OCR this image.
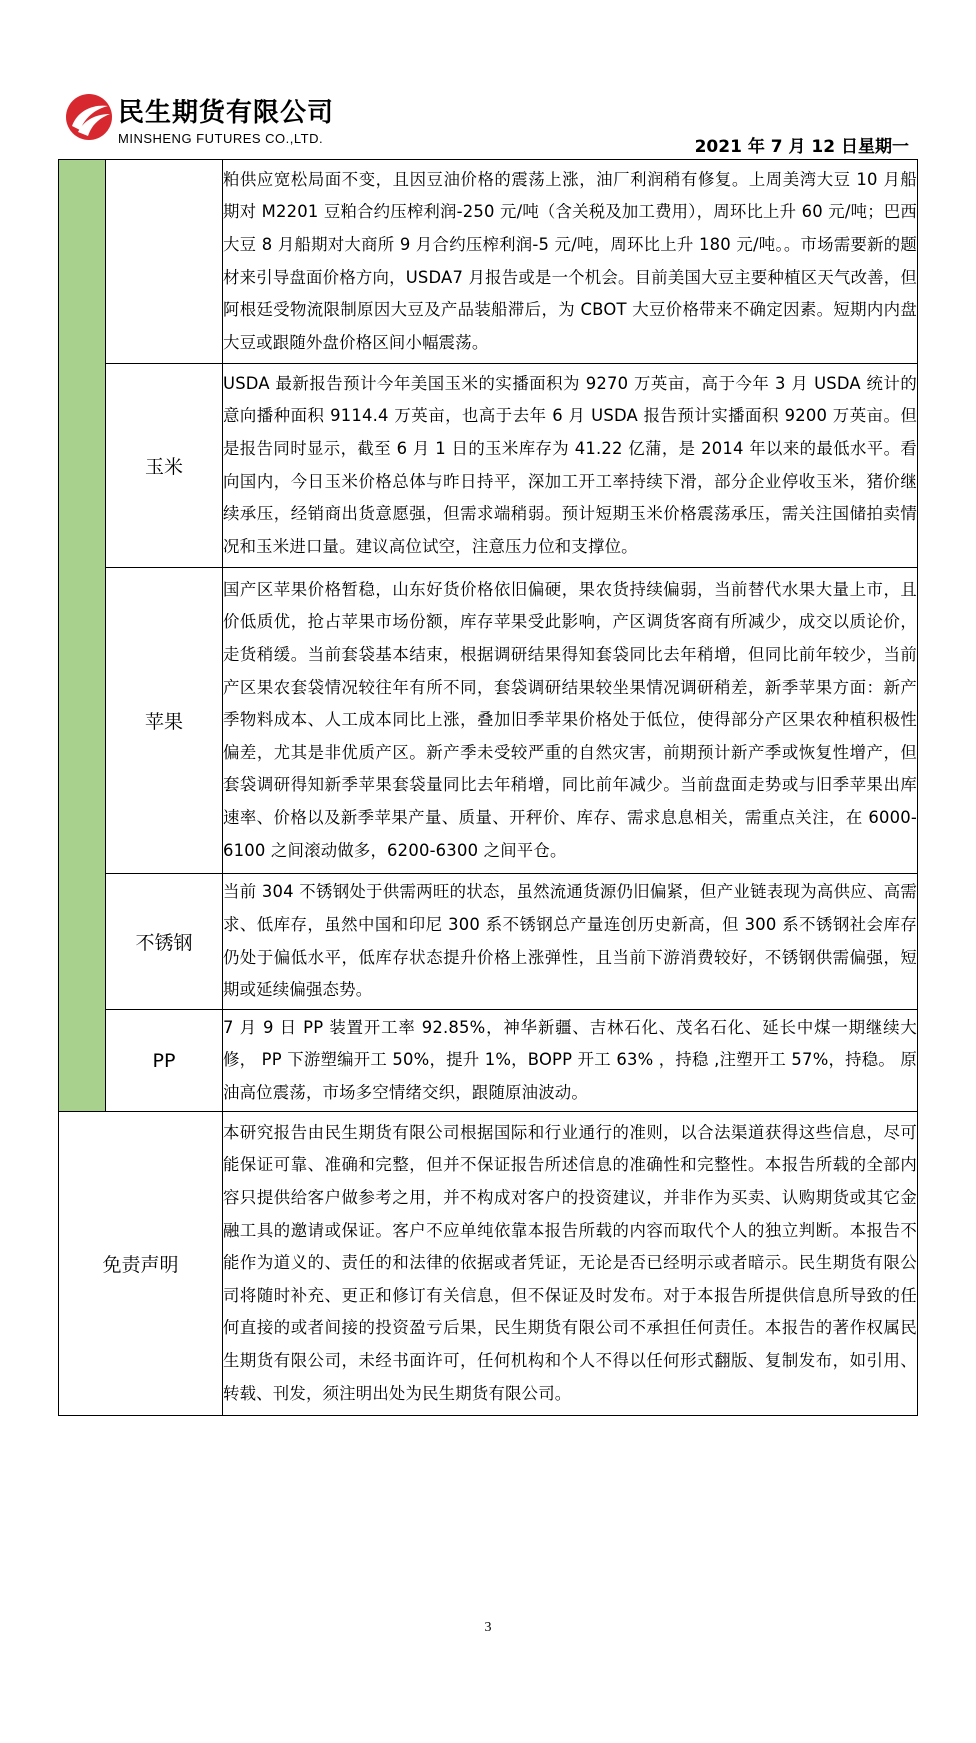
民生期货有限公司
MINSHENG FUTURES CO.,LTD.	2021 年 7 月 12 日星期一

		粕供应宽松局面不变，且因豆油价格的震荡上涨，油厂利润稍有修复。上周美湾大豆 10 月船期对 M2201 豆粕合约压榨利润-250 元/吨（含关税及加工费用），周环比上升 60 元/吨；巴西大豆 8 月船期对大商所 9 月合约压榨利润-5 元/吨，周环比上升 180 元/吨。。市场需要新的题材来引导盘面价格方向，USDA7 月报告或是一个机会。目前美国大豆主要种植区天气改善，但阿根廷受物流限制原因大豆及产品装船滞后，为 CBOT 大豆价格带来不确定因素。短期内内盘大豆或跟随外盘价格区间小幅震荡。

	玉米	USDA 最新报告预计今年美国玉米的实播面积为 9270 万英亩，高于今年 3 月 USDA 统计的意向播种面积 9114.4 万英亩，也高于去年 6 月 USDA 报告预计实播面积 9200 万英亩。但是报告同时显示，截至 6 月 1 日的玉米库存为 41.22 亿蒲，是 2014 年以来的最低水平。看向国内，今日玉米价格总体与昨日持平，深加工开工率持续下滑，部分企业停收玉米，猪价继续承压，经销商出货意愿强，但需求端稍弱。预计短期玉米价格震荡承压，需关注国储拍卖情况和玉米进口量。建议高位试空，注意压力位和支撑位。

	苹果	国产区苹果价格暂稳，山东好货价格依旧偏硬，果农货持续偏弱，当前替代水果大量上市，且价低质优，抢占苹果市场份额，库存苹果受此影响，产区调货客商有所减少，成交以质论价，走货稍缓。当前套袋基本结束，根据调研结果得知套袋同比去年稍增，但同比前年较少，当前产区果农套袋情况较往年有所不同，套袋调研结果较坐果情况调研稍差，新季苹果方面：新产季物料成本、人工成本同比上涨，叠加旧季苹果价格处于低位，使得部分产区果农种植积极性偏差，尤其是非优质产区。新产季未受较严重的自然灾害，前期预计新产季或恢复性增产，但套袋调研得知新季苹果套袋量同比去年稍增，同比前年减少。当前盘面走势或与旧季苹果出库速率、价格以及新季苹果产量、质量、开秤价、库存、需求息息相关，需重点关注，在 6000-6100 之间滚动做多，6200-6300 之间平仓。

	不锈钢	当前 304 不锈钢处于供需两旺的状态，虽然流通货源仍旧偏紧，但产业链表现为高供应、高需求、低库存，虽然中国和印尼 300 系不锈钢总产量连创历史新高，但 300 系不锈钢社会库存仍处于偏低水平，低库存状态提升价格上涨弹性，且当前下游消费较好，不锈钢供需偏强，短期或延续偏强态势。

	PP	7 月 9 日 PP 装置开工率 92.85%，神华新疆、吉林石化、茂名石化、延长中煤一期继续大修， PP 下游塑编开工 50%，提升 1%，BOPP 开工 63% ，持稳 ,注塑开工 57%，持稳。 原油高位震荡，市场多空情绪交织，跟随原油波动。

免责声明		本研究报告由民生期货有限公司根据国际和行业通行的准则，以合法渠道获得这些信息，尽可能保证可靠、准确和完整，但并不保证报告所述信息的准确性和完整性。本报告所载的全部内容只提供给客户做参考之用，并不构成对客户的投资建议，并非作为买卖、认购期货或其它金融工具的邀请或保证。客户不应单纯依靠本报告所载的内容而取代个人的独立判断。本报告不能作为道义的、责任的和法律的依据或者凭证，无论是否已经明示或者暗示。民生期货有限公司将随时补充、更正和修订有关信息，但不保证及时发布。对于本报告所提供信息所导致的任何直接的或者间接的投资盈亏后果，民生期货有限公司不承担任何责任。本报告的著作权属民生期货有限公司，未经书面许可，任何机构和个人不得以任何形式翻版、复制发布，如引用、转载、刊发，须注明出处为民生期货有限公司。

3
